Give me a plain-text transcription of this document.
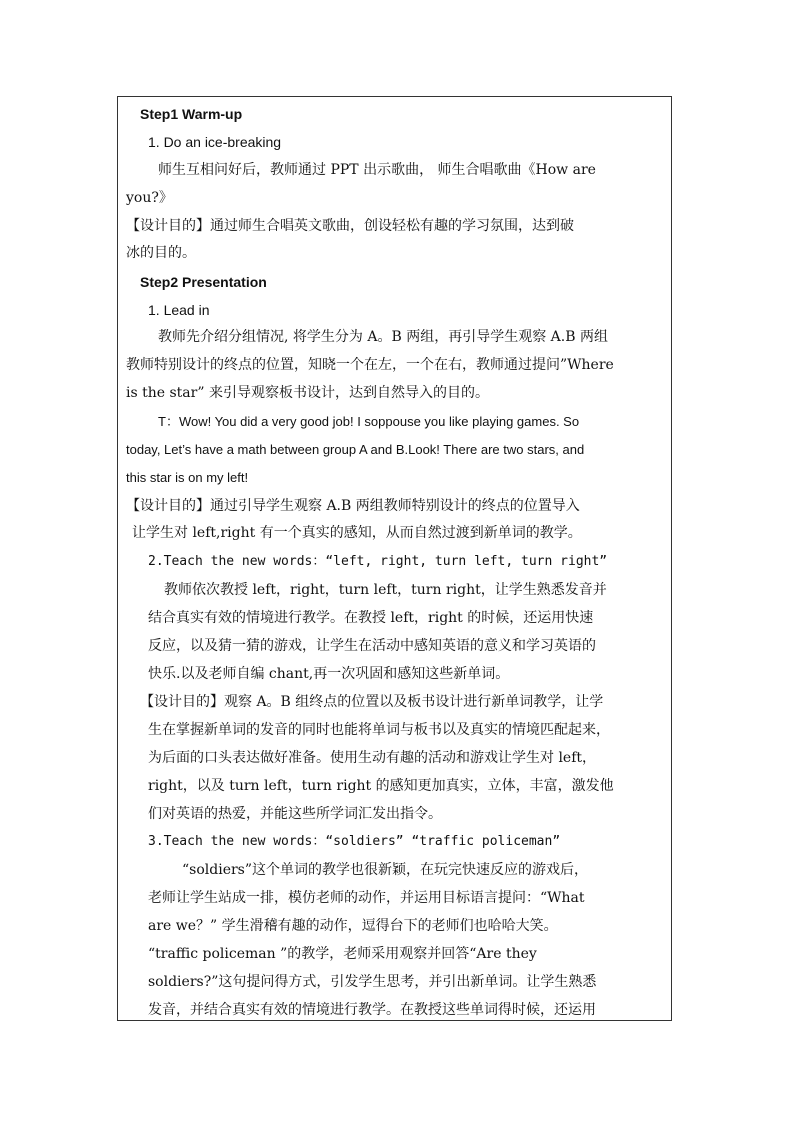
Step1 Warm-up
1. Do an ice-breaking
师生互相问好后，教师通过 PPT 出示歌曲， 师生合唱歌曲《How are
you?》
【设计目的】通过师生合唱英文歌曲，创设轻松有趣的学习氛围，达到破
冰的目的。
Step2 Presentation
1. Lead in
教师先介绍分组情况, 将学生分为 A。B 两组，再引导学生观察 A.B 两组
教师特别设计的终点的位置，知晓一个在左，一个在右，教师通过提问”Where
is the star” 来引导观察板书设计，达到自然导入的目的。
T：Wow! You did a very good job! I soppouse you like playing games. So
today, Let’s have a math between group A and B.Look! There are two stars, and
this star is on my left!
【设计目的】通过引导学生观察 A.B 两组教师特别设计的终点的位置导入
让学生对 left,right 有一个真实的感知，从而自然过渡到新单词的教学。
2.Teach the new words：“left, right, turn left, turn right”
教师依次教授 left，right，turn left，turn right，让学生熟悉发音并
结合真实有效的情境进行教学。在教授 left，right 的时候，还运用快速
反应，以及猜一猜的游戏，让学生在活动中感知英语的意义和学习英语的
快乐.以及老师自编 chant,再一次巩固和感知这些新单词。
【设计目的】观察 A。B 组终点的位置以及板书设计进行新单词教学，让学
生在掌握新单词的发音的同时也能将单词与板书以及真实的情境匹配起来，
为后面的口头表达做好准备。使用生动有趣的活动和游戏让学生对 left，
right，以及 turn left，turn right 的感知更加真实，立体，丰富，激发他
们对英语的热爱，并能这些所学词汇发出指令。
3.Teach the new words：“soldiers” “traffic policeman”
“soldiers”这个单词的教学也很新颖，在玩完快速反应的游戏后，
老师让学生站成一排，模仿老师的动作，并运用目标语言提问：“What
are we？” 学生滑稽有趣的动作，逗得台下的老师们也哈哈大笑。
“traffic policeman ”的教学，老师采用观察并回答“Are they
soldiers?”这句提问得方式，引发学生思考，并引出新单词。让学生熟悉
发音，并结合真实有效的情境进行教学。在教授这些单词得时候，还运用
